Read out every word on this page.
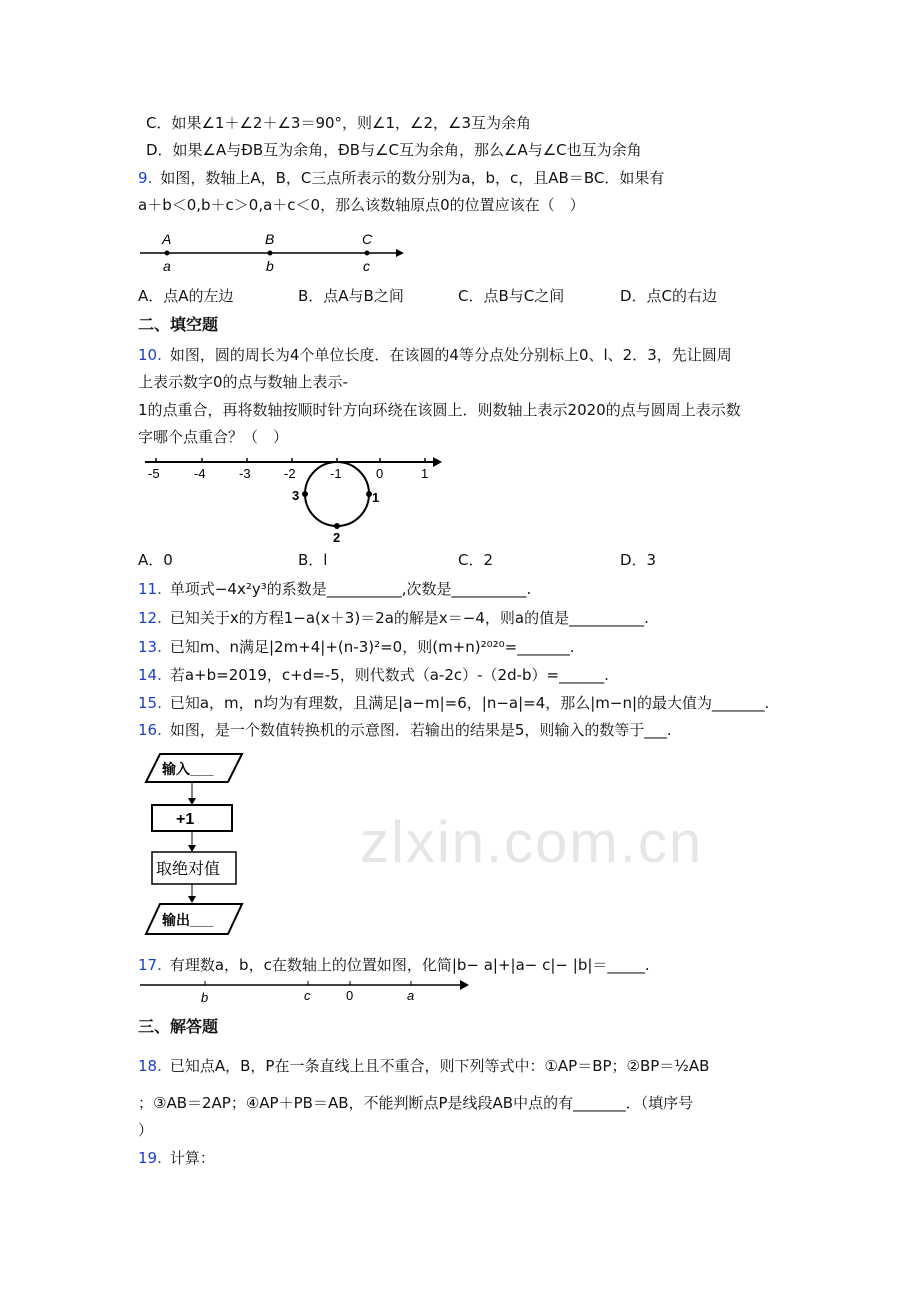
zlxin.com.cn
C．如果∠1＋∠2＋∠3＝90°，则∠1，∠2，∠3互为余角
D．如果∠A与ÐB互为余角，ÐB与∠C互为余角，那么∠A与∠C也互为余角
9. 如图，数轴上A，B，C三点所表示的数分别为a，b，c，且AB＝BC．如果有
a＋b＜0,b＋c＞0,a＋c＜0，那么该数轴原点0的位置应该在（　）
A	B	C
a	b	c
A．点A的左边	B．点A与B之间	C．点B与C之间	D．点C的右边
二、填空题
10. 如图，圆的周长为4个单位长度．在该圆的4等分点处分别标上0、l、2．3，先让圆周
上表示数字0的点与数轴上表示-
1的点重合，再将数轴按顺时针方向环绕在该圆上．则数轴上表示2020的点与圆周上表示数
字哪个点重合？（　）
-5	-4	-3	-2	-1	0	1
1
2
3
A．0	B．l	C．2	D．3
11. 单项式−4x²y³的系数是__________,次数是__________.
12. 已知关于x的方程1−a(x＋3)＝2a的解是x＝−4，则a的值是__________.
13. 已知m、n满足|2m+4|+(n-3)²=0，则(m+n)²⁰²⁰=_______.
14. 若a+b=2019，c+d=-5，则代数式（a-2c）-（2d-b）=______.
15. 已知a，m，n均为有理数，且满足|a−m|=6，|n−a|=4，那么|m−n|的最大值为_______.
16. 如图，是一个数值转换机的示意图．若输出的结果是5，则输入的数等于___.
输入___
+1
取绝对值
输出___
17. 有理数a，b，c在数轴上的位置如图，化简|b− a|+|a− c|− |b|＝_____.
b	c	0	a
三、解答题
18. 已知点A，B，P在一条直线上且不重合，则下列等式中：①AP＝BP；②BP＝½AB
；③AB＝2AP；④AP＋PB＝AB，不能判断点P是线段AB中点的有_______．（填序号
）
19. 计算：
